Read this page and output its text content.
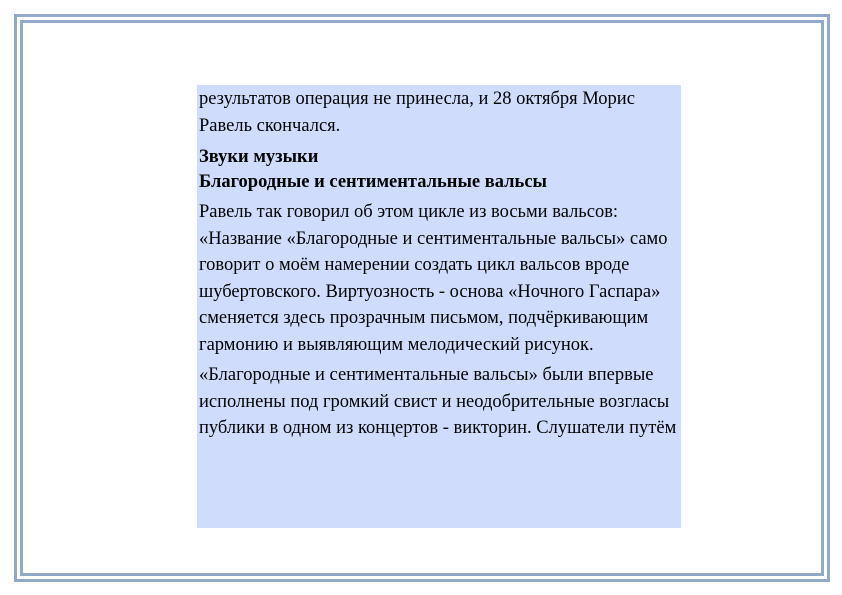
результатов операция не принесла, и 28 октября Морис Равель скончался.

Звуки музыки

Благородные и сентиментальные вальсы

Равель так говорил об этом цикле из восьми вальсов: «Название «Благородные и сентиментальные вальсы» само говорит о моём намерении создать цикл вальсов вроде шубертовского. Виртуозность - основа «Ночного Гаспара» сменяется здесь прозрачным письмом, подчёркивающим гармонию и выявляющим мелодический рисунок.

«Благородные и сентиментальные вальсы» были впервые исполнены под громкий свист и неодобрительные возгласы публики в одном из концертов - викторин. Слушатели путём
